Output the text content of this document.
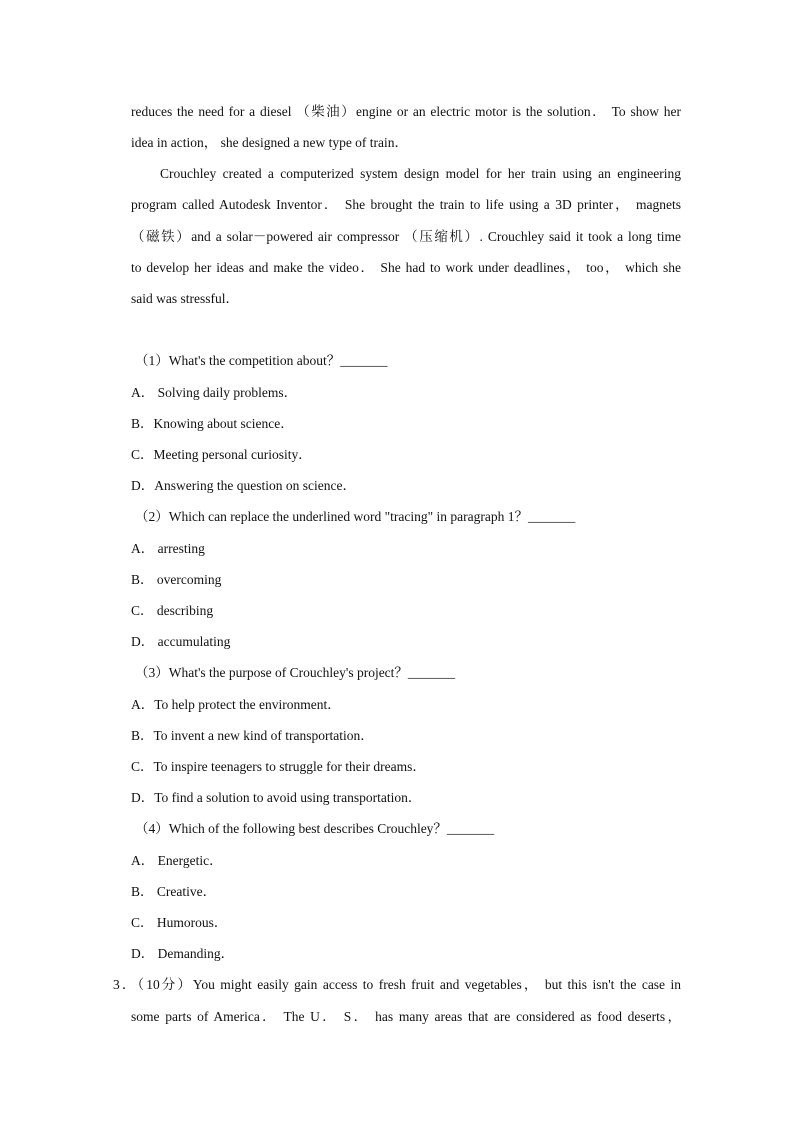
reduces the need for a diesel （柴油）engine or an electric motor is the solution． To show her
idea in action， she designed a new type of train．
Crouchley created a computerized system design model for her train using an engineering
program called Autodesk Inventor． She brought the train to life using a 3D printer， magnets
（磁铁）and a solar－powered air compressor （压缩机）. Crouchley said it took a long time
to develop her ideas and make the video． She had to work under deadlines， too， which she
said was stressful．
（1）What's the competition about？_______
A． Solving daily problems．
B．Knowing about science．
C．Meeting personal curiosity．
D．Answering the question on science．
（2）Which can replace the underlined word "tracing" in paragraph 1？_______
A． arresting
B． overcoming
C． describing
D． accumulating
（3）What's the purpose of Crouchley's project？_______
A．To help protect the environment．
B．To invent a new kind of transportation．
C．To inspire teenagers to struggle for their dreams．
D．To find a solution to avoid using transportation．
（4）Which of the following best describes Crouchley？_______
A． Energetic．
B． Creative．
C． Humorous．
D． Demanding．
3．（10分）You might easily gain access to fresh fruit and vegetables， but this isn't the case in
some parts of America． The U． S． has many areas that are considered as food deserts，
